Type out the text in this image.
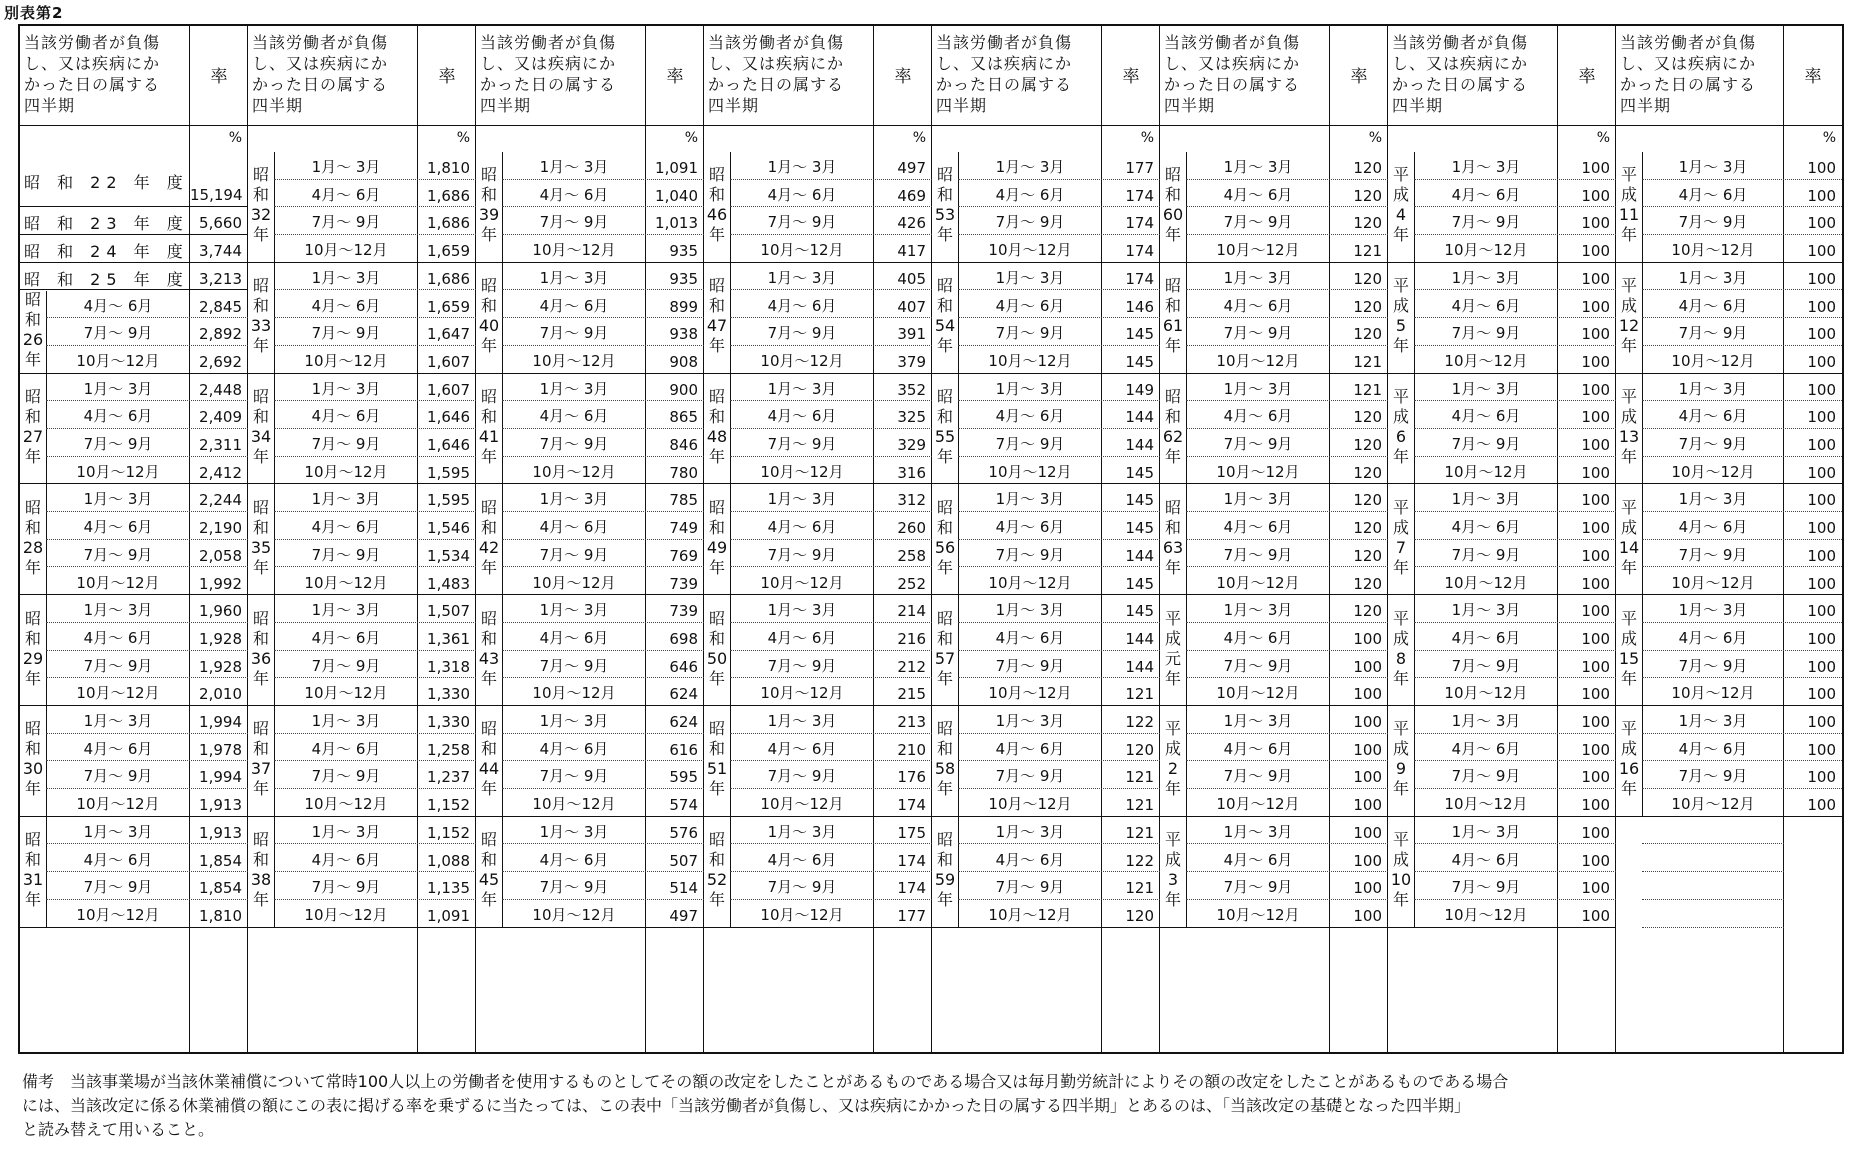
別表第2
当該労働者が負傷
し、又は疾病にか
かった日の属する
四半期
率
%
昭 和 22 年 度
15,194
昭 和 23 年 度 5,660
昭 和 24 年 度 3,744
昭 和 25 年 度 3,213
昭
和
26
年
4月～ 6月	2,845
7月～ 9月	2,892
10月～12月	2,692
昭
和
27
年
1月～ 3月	2,448
4月～ 6月	2,409
7月～ 9月	2,311
10月～12月	2,412
昭
和
28
年
1月～ 3月	2,244
4月～ 6月	2,190
7月～ 9月	2,058
10月～12月	1,992
昭
和
29
年
1月～ 3月	1,960
4月～ 6月	1,928
7月～ 9月	1,928
10月～12月	2,010
昭
和
30
年
1月～ 3月	1,994
4月～ 6月	1,978
7月～ 9月	1,994
10月～12月	1,913
昭
和
31
年
1月～ 3月	1,913
4月～ 6月	1,854
7月～ 9月	1,854
10月～12月	1,810
当該労働者が負傷
し、又は疾病にか
かった日の属する
四半期
率
%
昭
和
32
年
1月～ 3月	1,810
4月～ 6月	1,686
7月～ 9月	1,686
10月～12月	1,659
昭
和
33
年
1月～ 3月	1,686
4月～ 6月	1,659
7月～ 9月	1,647
10月～12月	1,607
昭
和
34
年
1月～ 3月	1,607
4月～ 6月	1,646
7月～ 9月	1,646
10月～12月	1,595
昭
和
35
年
1月～ 3月	1,595
4月～ 6月	1,546
7月～ 9月	1,534
10月～12月	1,483
昭
和
36
年
1月～ 3月	1,507
4月～ 6月	1,361
7月～ 9月	1,318
10月～12月	1,330
昭
和
37
年
1月～ 3月	1,330
4月～ 6月	1,258
7月～ 9月	1,237
10月～12月	1,152
昭
和
38
年
1月～ 3月	1,152
4月～ 6月	1,088
7月～ 9月	1,135
10月～12月	1,091
当該労働者が負傷
し、又は疾病にか
かった日の属する
四半期
率
%
昭
和
39
年
1月～ 3月	1,091
4月～ 6月	1,040
7月～ 9月	1,013
10月～12月	935
昭
和
40
年
1月～ 3月	935
4月～ 6月	899
7月～ 9月	938
10月～12月	908
昭
和
41
年
1月～ 3月	900
4月～ 6月	865
7月～ 9月	846
10月～12月	780
昭
和
42
年
1月～ 3月	785
4月～ 6月	749
7月～ 9月	769
10月～12月	739
昭
和
43
年
1月～ 3月	739
4月～ 6月	698
7月～ 9月	646
10月～12月	624
昭
和
44
年
1月～ 3月	624
4月～ 6月	616
7月～ 9月	595
10月～12月	574
昭
和
45
年
1月～ 3月	576
4月～ 6月	507
7月～ 9月	514
10月～12月	497
当該労働者が負傷
し、又は疾病にか
かった日の属する
四半期
率
%
昭
和
46
年
1月～ 3月	497
4月～ 6月	469
7月～ 9月	426
10月～12月	417
昭
和
47
年
1月～ 3月	405
4月～ 6月	407
7月～ 9月	391
10月～12月	379
昭
和
48
年
1月～ 3月	352
4月～ 6月	325
7月～ 9月	329
10月～12月	316
昭
和
49
年
1月～ 3月	312
4月～ 6月	260
7月～ 9月	258
10月～12月	252
昭
和
50
年
1月～ 3月	214
4月～ 6月	216
7月～ 9月	212
10月～12月	215
昭
和
51
年
1月～ 3月	213
4月～ 6月	210
7月～ 9月	176
10月～12月	174
昭
和
52
年
1月～ 3月	175
4月～ 6月	174
7月～ 9月	174
10月～12月	177
当該労働者が負傷
し、又は疾病にか
かった日の属する
四半期
率
%
昭
和
53
年
1月～ 3月	177
4月～ 6月	174
7月～ 9月	174
10月～12月	174
昭
和
54
年
1月～ 3月	174
4月～ 6月	146
7月～ 9月	145
10月～12月	145
昭
和
55
年
1月～ 3月	149
4月～ 6月	144
7月～ 9月	144
10月～12月	145
昭
和
56
年
1月～ 3月	145
4月～ 6月	145
7月～ 9月	144
10月～12月	145
昭
和
57
年
1月～ 3月	145
4月～ 6月	144
7月～ 9月	144
10月～12月	121
昭
和
58
年
1月～ 3月	122
4月～ 6月	120
7月～ 9月	121
10月～12月	121
昭
和
59
年
1月～ 3月	121
4月～ 6月	122
7月～ 9月	121
10月～12月	120
当該労働者が負傷
し、又は疾病にか
かった日の属する
四半期
率
%
昭
和
60
年
1月～ 3月	120
4月～ 6月	120
7月～ 9月	120
10月～12月	121
昭
和
61
年
1月～ 3月	120
4月～ 6月	120
7月～ 9月	120
10月～12月	121
昭
和
62
年
1月～ 3月	121
4月～ 6月	120
7月～ 9月	120
10月～12月	120
昭
和
63
年
1月～ 3月	120
4月～ 6月	120
7月～ 9月	120
10月～12月	120
平
成
元
年
1月～ 3月	120
4月～ 6月	100
7月～ 9月	100
10月～12月	100
平
成
2
年
1月～ 3月	100
4月～ 6月	100
7月～ 9月	100
10月～12月	100
平
成
3
年
1月～ 3月	100
4月～ 6月	100
7月～ 9月	100
10月～12月	100
当該労働者が負傷
し、又は疾病にか
かった日の属する
四半期
率
%
平
成
4
年
1月～ 3月	100
4月～ 6月	100
7月～ 9月	100
10月～12月	100
平
成
5
年
1月～ 3月	100
4月～ 6月	100
7月～ 9月	100
10月～12月	100
平
成
6
年
1月～ 3月	100
4月～ 6月	100
7月～ 9月	100
10月～12月	100
平
成
7
年
1月～ 3月	100
4月～ 6月	100
7月～ 9月	100
10月～12月	100
平
成
8
年
1月～ 3月	100
4月～ 6月	100
7月～ 9月	100
10月～12月	100
平
成
9
年
1月～ 3月	100
4月～ 6月	100
7月～ 9月	100
10月～12月	100
平
成
10
年
1月～ 3月	100
4月～ 6月	100
7月～ 9月	100
10月～12月	100
当該労働者が負傷
し、又は疾病にか
かった日の属する
四半期
率
%
平
成
11
年
1月～ 3月	100
4月～ 6月	100
7月～ 9月	100
10月～12月	100
平
成
12
年
1月～ 3月	100
4月～ 6月	100
7月～ 9月	100
10月～12月	100
平
成
13
年
1月～ 3月	100
4月～ 6月	100
7月～ 9月	100
10月～12月	100
平
成
14
年
1月～ 3月	100
4月～ 6月	100
7月～ 9月	100
10月～12月	100
平
成
15
年
1月～ 3月	100
4月～ 6月	100
7月～ 9月	100
10月～12月	100
平
成
16
年
1月～ 3月	100
4月～ 6月	100
7月～ 9月	100
10月～12月	100
備考　当該事業場が当該休業補償について常時100人以上の労働者を使用するものとしてその額の改定をしたことがあるものである場合又は毎月勤労統計によりその額の改定をしたことがあるものである場合
には、当該改定に係る休業補償の額にこの表に掲げる率を乗ずるに当たっては、この表中「当該労働者が負傷し、又は疾病にかかった日の属する四半期」とあるのは、「当該改定の基礎となった四半期」
と読み替えて用いること。
